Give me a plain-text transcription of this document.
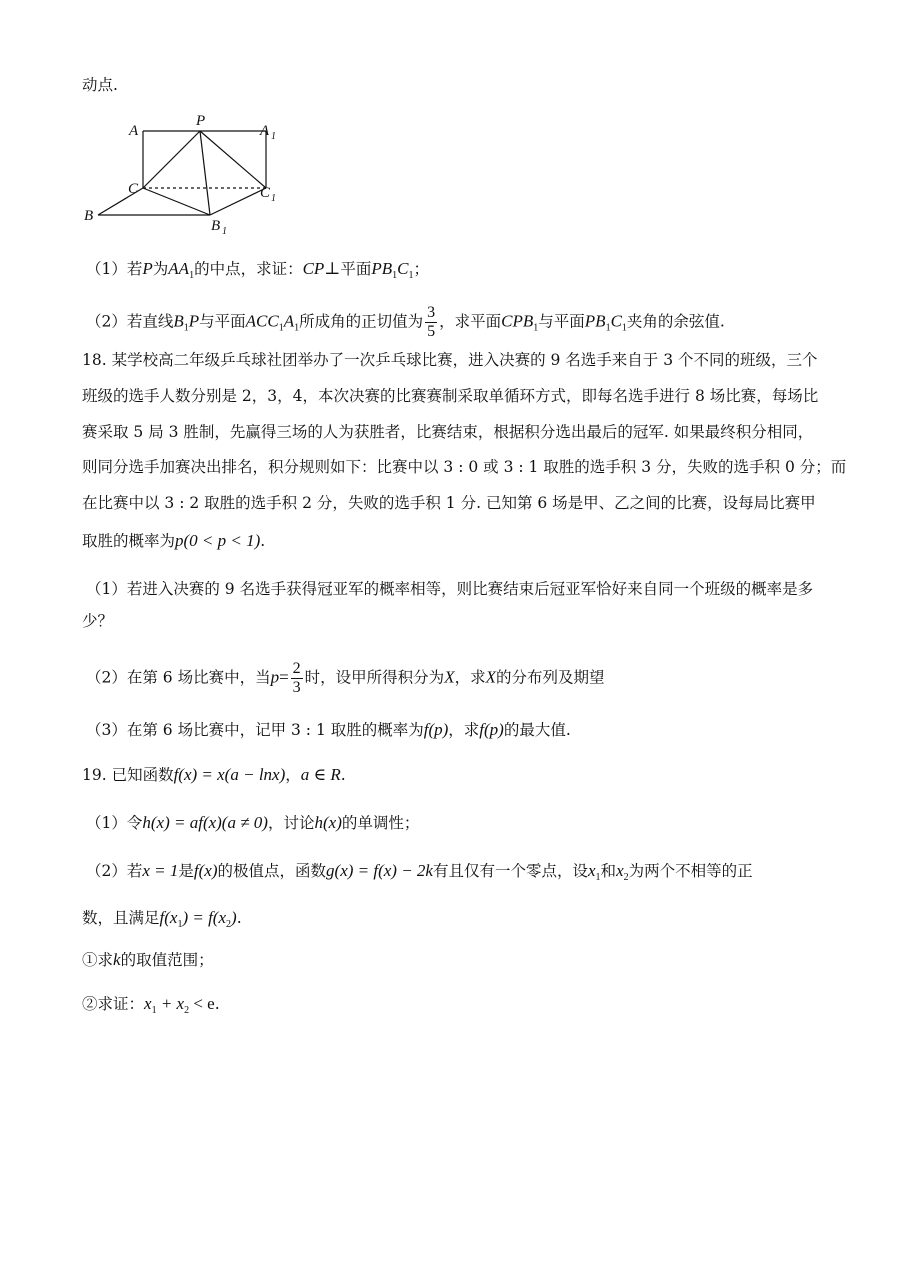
动点.
A
P
A 1
C	C 1
B
B 1
（1）若P为$AA_1$的中点，求证：CP⊥平面$PB_1C_1$；
（2）若直线$B_1P$与平面$ACC_1A_1$所成角的正切值为 $\frac{3}{5}$ ，求平面$CPB_1$与平面$PB_1C_1$夹角的余弦值.
18. 某学校高二年级乒乓球社团举办了一次乒乓球比赛，进入决赛的 9 名选手来自于 3 个不同的班级，三个
班级的选手人数分别是 2，3，4，本次决赛的比赛赛制采取单循环方式，即每名选手进行 8 场比赛，每场比
赛采取 5 局 3 胜制，先赢得三场的人为获胜者，比赛结束，根据积分选出最后的冠军. 如果最终积分相同，
则同分选手加赛决出排名，积分规则如下：比赛中以 3 : 0 或 3 : 1 取胜的选手积 3 分，失败的选手积 0 分；而
在比赛中以 3 : 2 取胜的选手积 2 分，失败的选手积 1 分. 已知第 6 场是甲、乙之间的比赛，设每局比赛甲
取胜的概率为p(0 < p < 1).
（1）若进入决赛的 9 名选手获得冠亚军的概率相等，则比赛结束后冠亚军恰好来自同一个班级的概率是多
少？
（2）在第 6 场比赛中，当$p= \frac{2}{3}$ 时，设甲所得积分为X，求X的分布列及期望
（3）在第 6 场比赛中，记甲 3 : 1 取胜的概率为f(p)，求f(p)的最大值.
19. 已知函数f(x) = x(a − lnx)，a ∈ R.
（1）令h(x) = af(x)(a ≠ 0)，讨论h(x)的单调性；
（2）若x = 1是f(x)的极值点，函数g(x) = f(x) − 2k有且仅有一个零点，设$x_1$和$x_2$为两个不相等的正
数，且满足$f(x_1) = f(x_2)$.
①求k的取值范围；
②求证：$x_1 + x_2 < e$.
